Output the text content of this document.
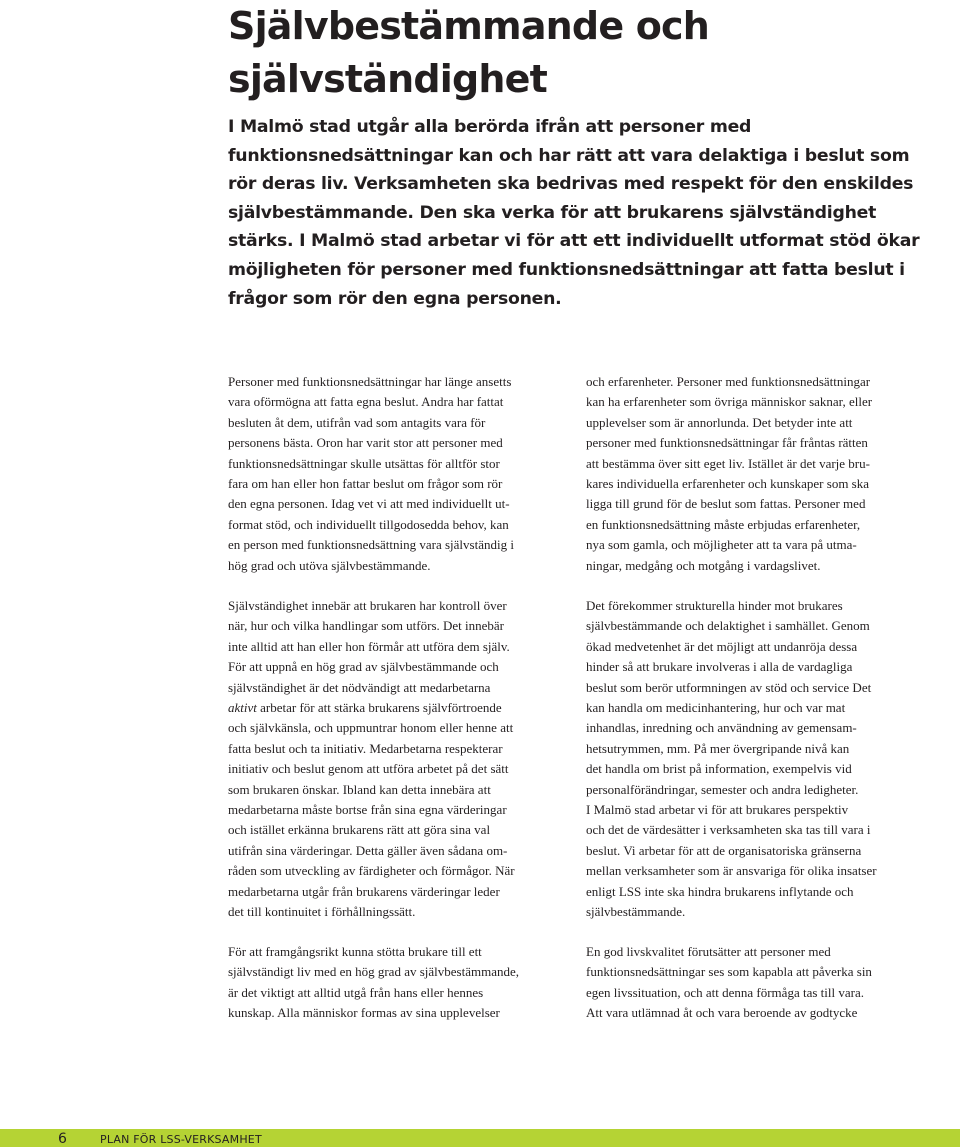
Självbestämmande och
självständighet
I Malmö stad utgår alla berörda ifrån att personer med
funktionsnedsättningar kan och har rätt att vara delaktiga i beslut som
rör deras liv. Verksamheten ska bedrivas med respekt för den enskildes
självbestämmande. Den ska verka för att brukarens självständighet
stärks. I Malmö stad arbetar vi för att ett individuellt utformat stöd ökar
möjligheten för personer med funktionsnedsättningar att fatta beslut i
frågor som rör den egna personen.
Personer med funktionsnedsättningar har länge ansetts
vara oförmögna att fatta egna beslut. Andra har fattat
besluten åt dem, utifrån vad som antagits vara för
personens bästa. Oron har varit stor att personer med
funktionsnedsättningar skulle utsättas för alltför stor
fara om han eller hon fattar beslut om frågor som rör
den egna personen. Idag vet vi att med individuellt ut-
format stöd, och individuellt tillgodosedda behov, kan
en person med funktionsnedsättning vara självständig i
hög grad och utöva självbestämmande.
Självständighet innebär att brukaren har kontroll över
när, hur och vilka handlingar som utförs. Det innebär
inte alltid att han eller hon förmår att utföra dem själv.
För att uppnå en hög grad av självbestämmande och
självständighet är det nödvändigt att medarbetarna
aktivt arbetar för att stärka brukarens självförtroende
och självkänsla, och uppmuntrar honom eller henne att
fatta beslut och ta initiativ. Medarbetarna respekterar
initiativ och beslut genom att utföra arbetet på det sätt
som brukaren önskar. Ibland kan detta innebära att
medarbetarna måste bortse från sina egna värderingar
och istället erkänna brukarens rätt att göra sina val
utifrån sina värderingar. Detta gäller även sådana om-
råden som utveckling av färdigheter och förmågor. När
medarbetarna utgår från brukarens värderingar leder
det till kontinuitet i förhållningssätt.
För att framgångsrikt kunna stötta brukare till ett
självständigt liv med en hög grad av självbestämmande,
är det viktigt att alltid utgå från hans eller hennes
kunskap. Alla människor formas av sina upplevelser
och erfarenheter. Personer med funktionsnedsättningar
kan ha erfarenheter som övriga människor saknar, eller
upplevelser som är annorlunda. Det betyder inte att
personer med funktionsnedsättningar får fråntas rätten
att bestämma över sitt eget liv. Istället är det varje bru-
kares individuella erfarenheter och kunskaper som ska
ligga till grund för de beslut som fattas. Personer med
en funktionsnedsättning måste erbjudas erfarenheter,
nya som gamla, och möjligheter att ta vara på utma-
ningar, medgång och motgång i vardagslivet.
Det förekommer strukturella hinder mot brukares
självbestämmande och delaktighet i samhället. Genom
ökad medvetenhet är det möjligt att undanröja dessa
hinder så att brukare involveras i alla de vardagliga
beslut som berör utformningen av stöd och service Det
kan handla om medicinhantering, hur och var mat
inhandlas, inredning och användning av gemensam-
hetsutrymmen, mm. På mer övergripande nivå kan
det handla om brist på information, exempelvis vid
personalförändringar, semester och andra ledigheter.
I Malmö stad arbetar vi för att brukares perspektiv
och det de värdesätter i verksamheten ska tas till vara i
beslut. Vi arbetar för att de organisatoriska gränserna
mellan verksamheter som är ansvariga för olika insatser
enligt LSS inte ska hindra brukarens inflytande och
självbestämmande.
En god livskvalitet förutsätter att personer med
funktionsnedsättningar ses som kapabla att påverka sin
egen livssituation, och att denna förmåga tas till vara.
Att vara utlämnad åt och vara beroende av godtycke
6	PLAN FÖR LSS-VERKSAMHET
